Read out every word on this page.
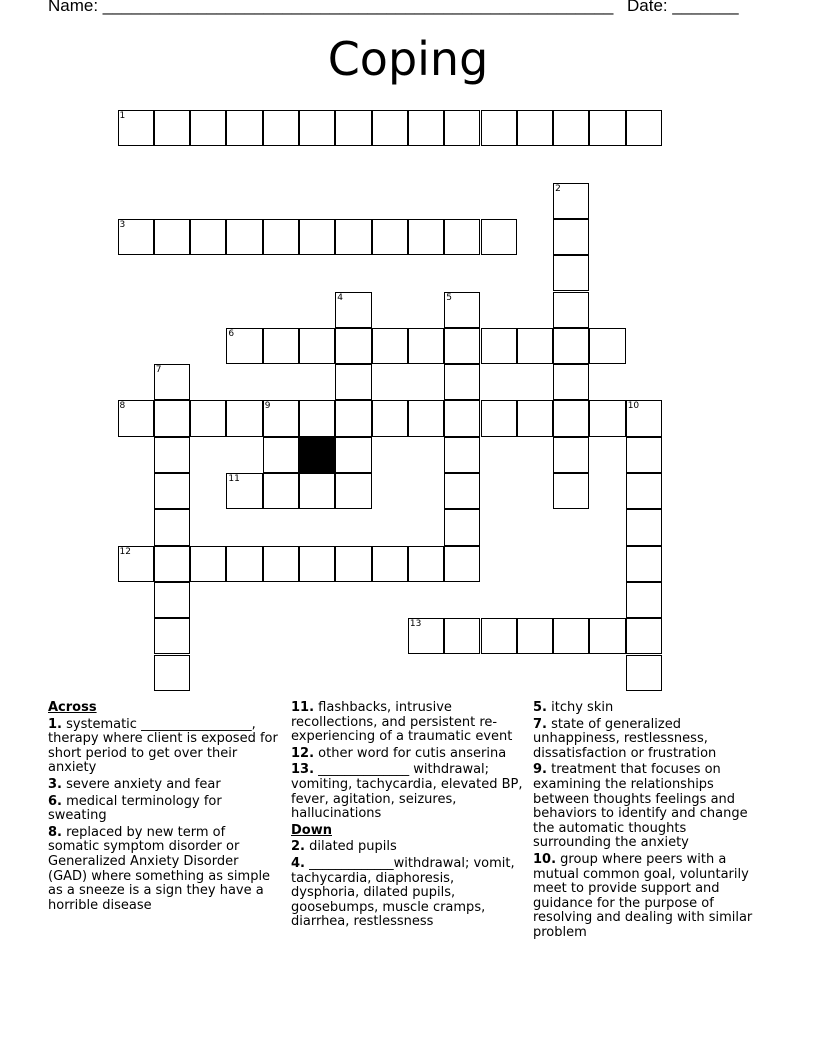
Name: ______________________________________________________ Date: _______
Coping
1
3
6
8	9	10
11
12
13
2
4	5
7
Across
1. systematic _________________, therapy where client is exposed for short period to get over their anxiety
3. severe anxiety and fear
6. medical terminology for sweating
8. replaced by new term of somatic symptom disorder or Generalized Anxiety Disorder (GAD) where something as simple as a sneeze is a sign they have a horrible disease
11. flashbacks, intrusive recollections, and persistent re-experiencing of a traumatic event
12. other word for cutis anserina
13. ______________ withdrawal; vomiting, tachycardia, elevated BP, fever, agitation, seizures, hallucinations
Down
2. dilated pupils
4. _____________withdrawal; vomit, tachycardia, diaphoresis, dysphoria, dilated pupils, goosebumps, muscle cramps, diarrhea, restlessness
5. itchy skin
7. state of generalized unhappiness, restlessness, dissatisfaction or frustration
9. treatment that focuses on examining the relationships between thoughts feelings and behaviors to identify and change the automatic thoughts surrounding the anxiety
10. group where peers with a mutual common goal, voluntarily meet to provide support and guidance for the purpose of resolving and dealing with similar problem
